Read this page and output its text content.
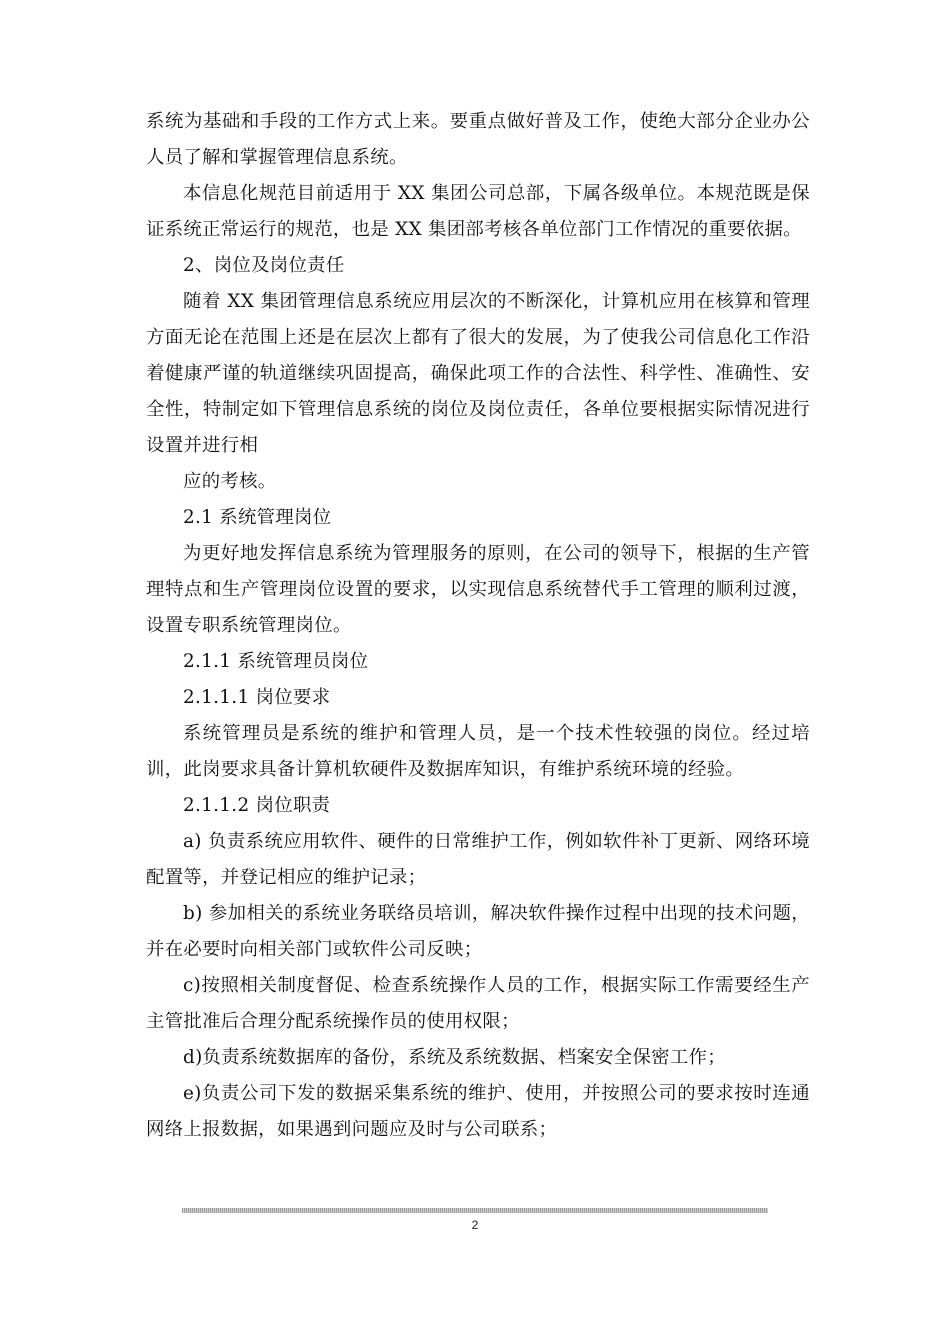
系统为基础和手段的工作方式上来。要重点做好普及工作，使绝大部分企业办公人员了解和掌握管理信息系统。

本信息化规范目前适用于 XX 集团公司总部，下属各级单位。本规范既是保证系统正常运行的规范，也是 XX 集团部考核各单位部门工作情况的重要依据。

2、岗位及岗位责任

随着 XX 集团管理信息系统应用层次的不断深化，计算机应用在核算和管理方面无论在范围上还是在层次上都有了很大的发展，为了使我公司信息化工作沿着健康严谨的轨道继续巩固提高，确保此项工作的合法性、科学性、准确性、安全性，特制定如下管理信息系统的岗位及岗位责任，各单位要根据实际情况进行设置并进行相

应的考核。

2.1 系统管理岗位

为更好地发挥信息系统为管理服务的原则，在公司的领导下，根据的生产管理特点和生产管理岗位设置的要求，以实现信息系统替代手工管理的顺利过渡，设置专职系统管理岗位。

2.1.1 系统管理员岗位

2.1.1.1 岗位要求

系统管理员是系统的维护和管理人员，是一个技术性较强的岗位。经过培训，此岗要求具备计算机软硬件及数据库知识，有维护系统环境的经验。

2.1.1.2 岗位职责

a) 负责系统应用软件、硬件的日常维护工作，例如软件补丁更新、网络环境配置等，并登记相应的维护记录；

b) 参加相关的系统业务联络员培训，解决软件操作过程中出现的技术问题，并在必要时向相关部门或软件公司反映；

c)按照相关制度督促、检查系统操作人员的工作，根据实际工作需要经生产主管批准后合理分配系统操作员的使用权限；

d)负责系统数据库的备份，系统及系统数据、档案安全保密工作；

e)负责公司下发的数据采集系统的维护、使用，并按照公司的要求按时连通网络上报数据，如果遇到问题应及时与公司联系；

2
